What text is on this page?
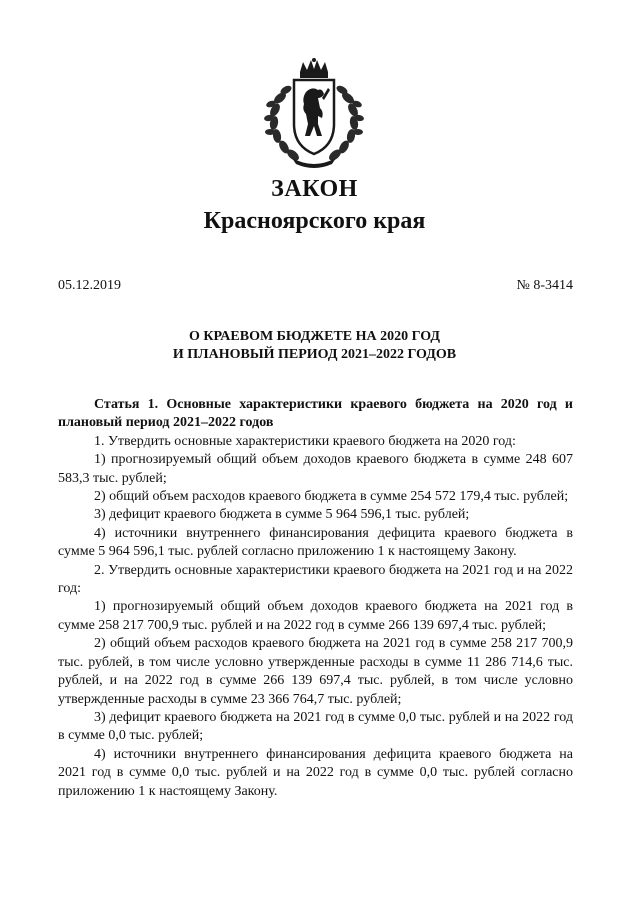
ЗАКОН
Красноярского края
05.12.2019	№ 8-3414
О КРАЕВОМ БЮДЖЕТЕ НА 2020 ГОД
И ПЛАНОВЫЙ ПЕРИОД 2021–2022 ГОДОВ

Статья 1. Основные характеристики краевого бюджета на 2020 год и плановый период 2021–2022 годов

1. Утвердить основные характеристики краевого бюджета на 2020 год:

1) прогнозируемый общий объем доходов краевого бюджета в сумме 248 607 583,3 тыс. рублей;

2) общий объем расходов краевого бюджета в сумме 254 572 179,4 тыс. рублей;

3) дефицит краевого бюджета в сумме 5 964 596,1 тыс. рублей;

4) источники внутреннего финансирования дефицита краевого бюджета в сумме 5 964 596,1 тыс. рублей согласно приложению 1 к настоящему Закону.

2. Утвердить основные характеристики краевого бюджета на 2021 год и на 2022 год:

1) прогнозируемый общий объем доходов краевого бюджета на 2021 год в сумме 258 217 700,9 тыс. рублей и на 2022 год в сумме 266 139 697,4 тыс. рублей;

2) общий объем расходов краевого бюджета на 2021 год в сумме 258 217 700,9 тыс. рублей, в том числе условно утвержденные расходы в сумме 11 286 714,6 тыс. рублей, и на 2022 год в сумме 266 139 697,4 тыс. рублей, в том числе условно утвержденные расходы в сумме 23 366 764,7 тыс. рублей;

3) дефицит краевого бюджета на 2021 год в сумме 0,0 тыс. рублей и на 2022 год в сумме 0,0 тыс. рублей;

4) источники внутреннего финансирования дефицита краевого бюджета на 2021 год в сумме 0,0 тыс. рублей и на 2022 год в сумме 0,0 тыс. рублей согласно приложению 1 к настоящему Закону.
